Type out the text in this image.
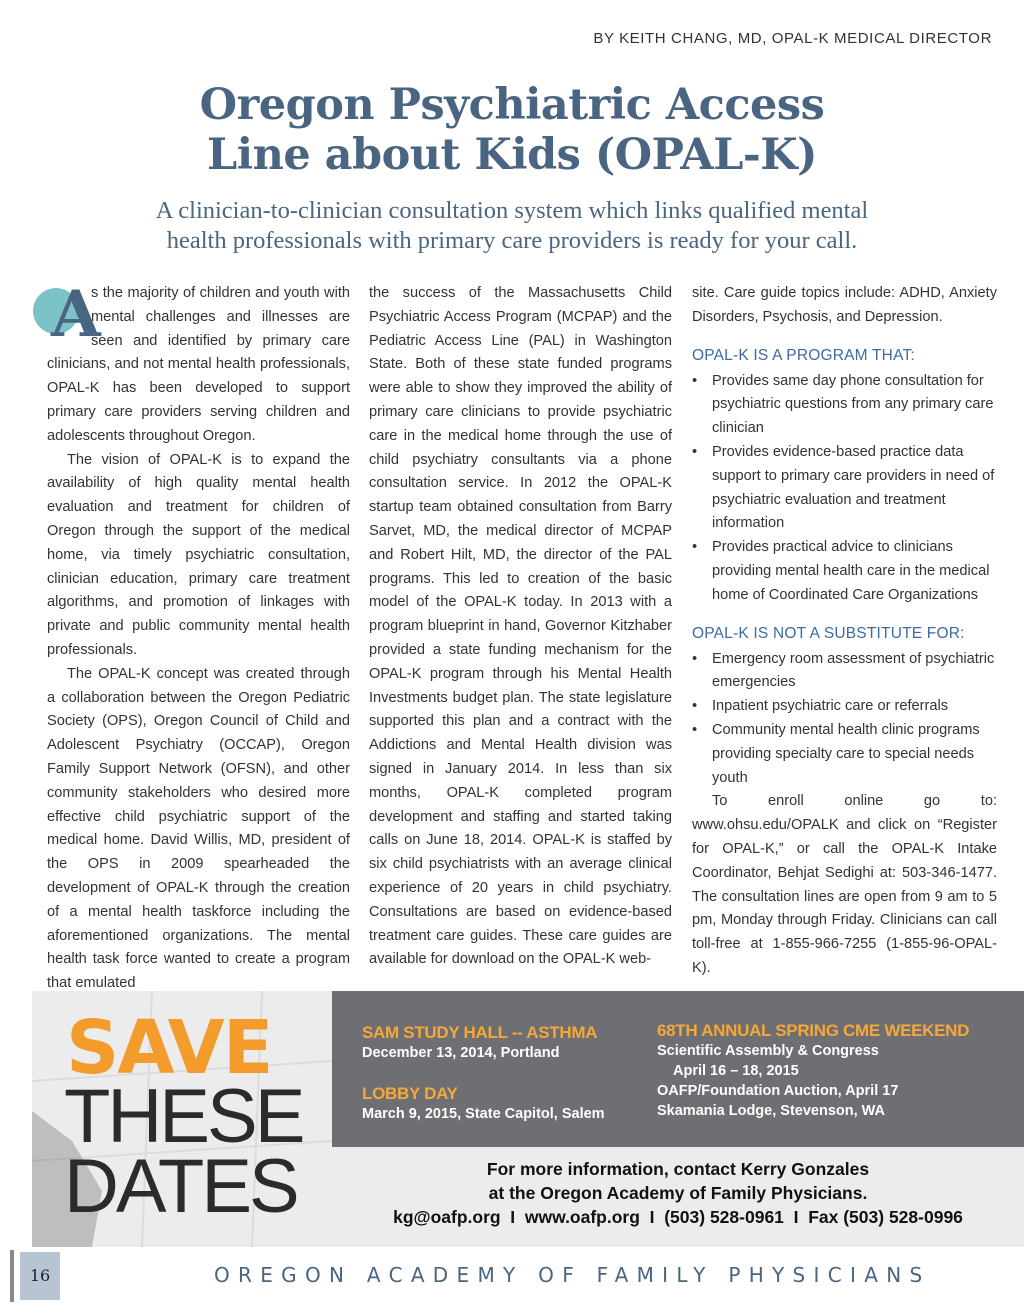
BY KEITH CHANG, MD, OPAL-K MEDICAL DIRECTOR
Oregon Psychiatric Access
Line about Kids (OPAL-K)
A clinician-to-clinician consultation system which links qualified mental
health professionals with primary care providers is ready for your call.

A
s the majority of children and youth with mental challenges and illnesses are seen and identified by primary care clinicians, and not mental health professionals, OPAL-K has been developed to support primary care providers serving children and adolescents throughout Oregon.

The vision of OPAL-K is to expand the availability of high quality mental health evaluation and treatment for children of Oregon through the support of the medical home, via timely psychiatric consultation, clinician education, primary care treatment algorithms, and promotion of linkages with private and public community mental health professionals.

The OPAL-K concept was created through a collaboration between the Oregon Pediatric Society (OPS), Oregon Council of Child and Adolescent Psychiatry (OCCAP), Oregon Family Support Network (OFSN), and other community stakeholders who desired more effective child psychiatric support of the medical home. David Willis, MD, president of the OPS in 2009 spearheaded the development of OPAL-K through the creation of a mental health taskforce including the aforementioned organizations. The mental health task force wanted to create a program that emulated

the success of the Massachusetts Child Psychiatric Access Program (MCPAP) and the Pediatric Access Line (PAL) in Washington State. Both of these state funded programs were able to show they improved the ability of primary care clinicians to provide psychiatric care in the medical home through the use of child psychiatry consultants via a phone consultation service. In 2012 the OPAL-K startup team obtained consultation from Barry Sarvet, MD, the medical director of MCPAP and Robert Hilt, MD, the director of the PAL programs. This led to creation of the basic model of the OPAL-K today. In 2013 with a program blueprint in hand, Governor Kitzhaber provided a state funding mechanism for the OPAL-K program through his Mental Health Investments budget plan. The state legislature supported this plan and a contract with the Addictions and Mental Health division was signed in January 2014. In less than six months, OPAL-K completed program development and staffing and started taking calls on June 18, 2014. OPAL-K is staffed by six child psychiatrists with an average clinical experience of 20 years in child psychiatry. Consultations are based on evidence-based treatment care guides. These care guides are available for download on the OPAL-K web-

site. Care guide topics include: ADHD, Anxiety Disorders, Psychosis, and Depression.

OPAL-K IS A PROGRAM THAT:
• Provides same day phone consultation for psychiatric questions from any primary care clinician
• Provides evidence-based practice data support to primary care providers in need of psychiatric evaluation and treatment information
• Provides practical advice to clinicians providing mental health care in the medical home of Coordinated Care Organizations
OPAL-K IS NOT A SUBSTITUTE FOR:
• Emergency room assessment of psychiatric emergencies
• Inpatient psychiatric care or referrals
• Community mental health clinic programs providing specialty care to special needs youth

To enroll online go to: www.ohsu.edu/OPALK and click on “Register for OPAL-K,” or call the OPAL-K Intake Coordinator, Behjat Sedighi at: 503-346-1477. The consultation lines are open from 9 am to 5 pm, Monday through Friday. Clinicians can call toll-free at 1-855-966-7255 (1-855-96-OPAL-K).

SAVE
THESE
DATES
SAM STUDY HALL -- ASTHMA
December 13, 2014, Portland
LOBBY DAY
March 9, 2015, State Capitol, Salem
68TH ANNUAL SPRING CME WEEKEND
Scientific Assembly & Congress
April 16 – 18, 2015
OAFP/Foundation Auction, April 17
Skamania Lodge, Stevenson, WA
For more information, contact Kerry Gonzales
at the Oregon Academy of Family Physicians.
kg@oafp.org  I  www.oafp.org  I  (503) 528-0961  I  Fax (503) 528-0996
16	OREGON ACADEMY OF FAMILY PHYSICIANS
